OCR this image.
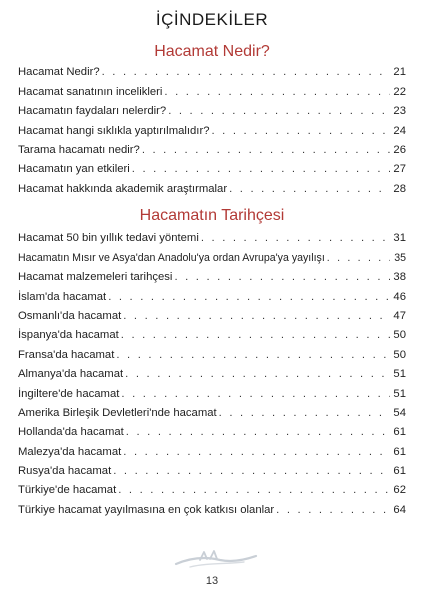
İÇİNDEKİLER
Hacamat Nedir?
Hacamat Nedir? . . .	21
Hacamat sanatının incelikleri . . .	22
Hacamatın faydaları nelerdir? . . .	23
Hacamat hangi sıklıkla yaptırılmalıdır? . . .	24
Tarama hacamatı nedir? . . .	26
Hacamatın yan etkileri . . .	27
Hacamat hakkında akademik araştırmalar . . .	28
Hacamatın Tarihçesi
Hacamat 50 bin yıllık tedavi yöntemi . . .	31
Hacamatın Mısır ve Asya'dan Anadolu'ya ordan Avrupa'ya yayılışı . . .	35
Hacamat malzemeleri tarihçesi . . .	38
İslam'da hacamat . . .	46
Osmanlı'da hacamat . . .	47
İspanya'da hacamat . . .	50
Fransa'da hacamat . . .	50
Almanya'da hacamat . . .	51
İngiltere'de hacamat . . .	51
Amerika Birleşik Devletleri'nde hacamat . . .	54
Hollanda'da hacamat . . .	61
Malezya'da hacamat . . .	61
Rusya'da hacamat . . .	61
Türkiye'de hacamat . . .	62
Türkiye hacamat yayılmasına en çok katkısı olanlar . . .	64
13
